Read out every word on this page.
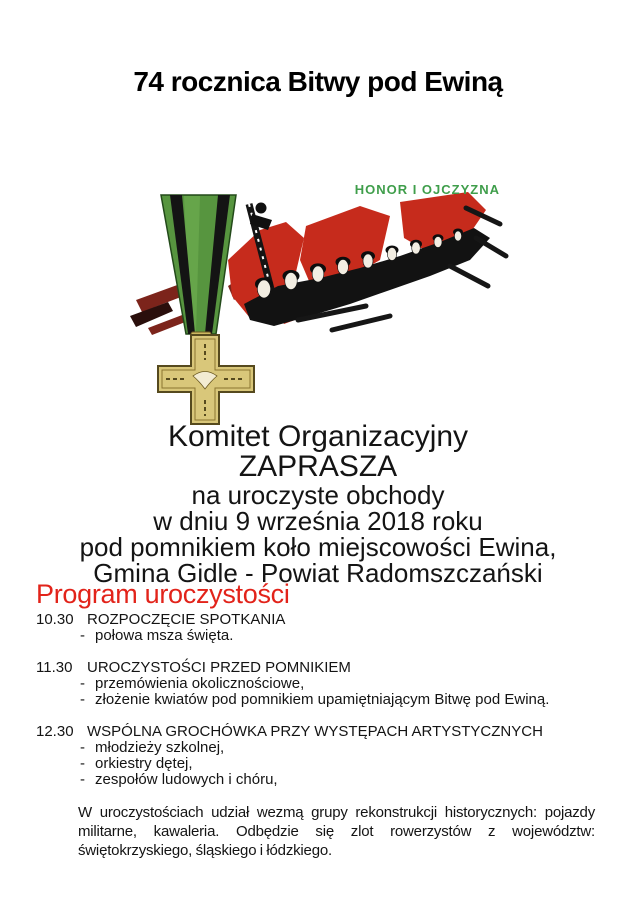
74 rocznica Bitwy pod Ewiną
HONOR I OJCZYZNA
Komitet Organizacyjny
ZAPRASZA
na uroczyste obchody
w dniu 9 września 2018 roku
pod pomnikiem koło miejscowości Ewina,
Gmina Gidle - Powiat Radomszczański
Program uroczystości
10.30 ROZPOCZĘCIE SPOTKANIA
- połowa msza święta.
11.30 UROCZYSTOŚCI PRZED POMNIKIEM
- przemówienia okolicznościowe,
- złożenie kwiatów pod pomnikiem upamiętniającym Bitwę pod Ewiną.
12.30 WSPÓLNA GROCHÓWKA PRZY WYSTĘPACH ARTYSTYCZNYCH
- młodzieży szkolnej,
- orkiestry dętej,
- zespołów ludowych i chóru,

W uroczystościach udział wezmą grupy rekonstrukcji historycznych: pojazdy militarne, kawaleria. Odbędzie się zlot rowerzystów z województw: świętokrzyskiego, śląskiego i łódzkiego.
